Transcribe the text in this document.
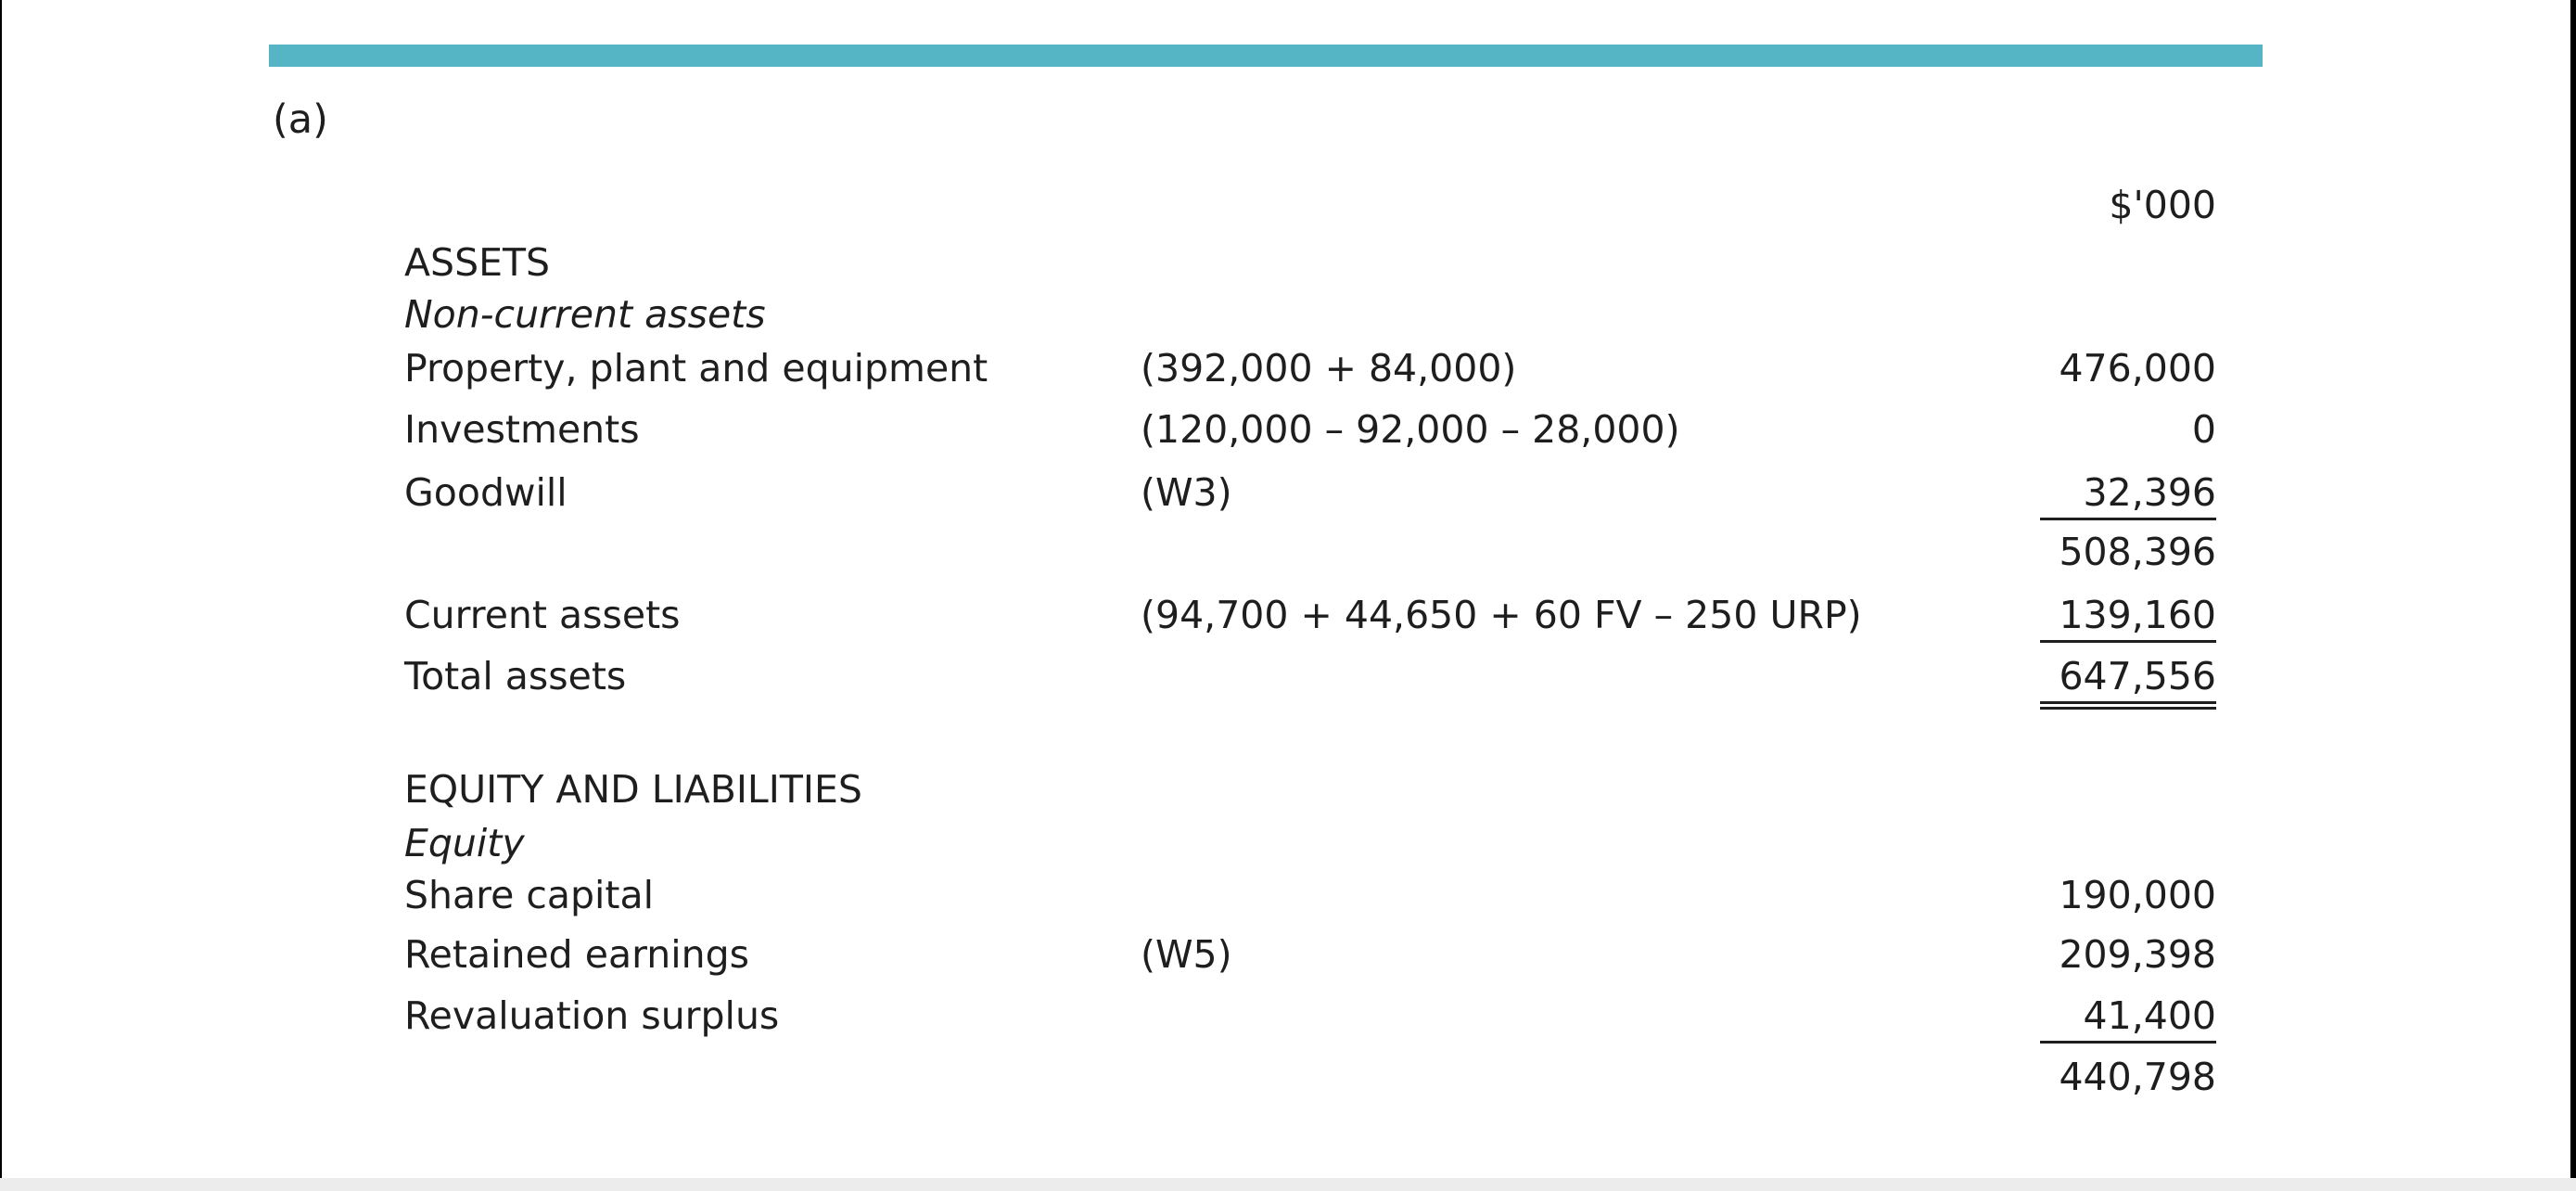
(a)
$'000
ASSETS
Non-current assets
Property, plant and equipment	(392,000 + 84,000)	476,000
Investments	(120,000 – 92,000 – 28,000)	0
Goodwill	(W3)	32,396
508,396
Current assets	(94,700 + 44,650 + 60 FV – 250 URP)	139,160
Total assets	647,556
EQUITY AND LIABILITIES
Equity
Share capital	190,000
Retained earnings	(W5)	209,398
Revaluation surplus	41,400
440,798
